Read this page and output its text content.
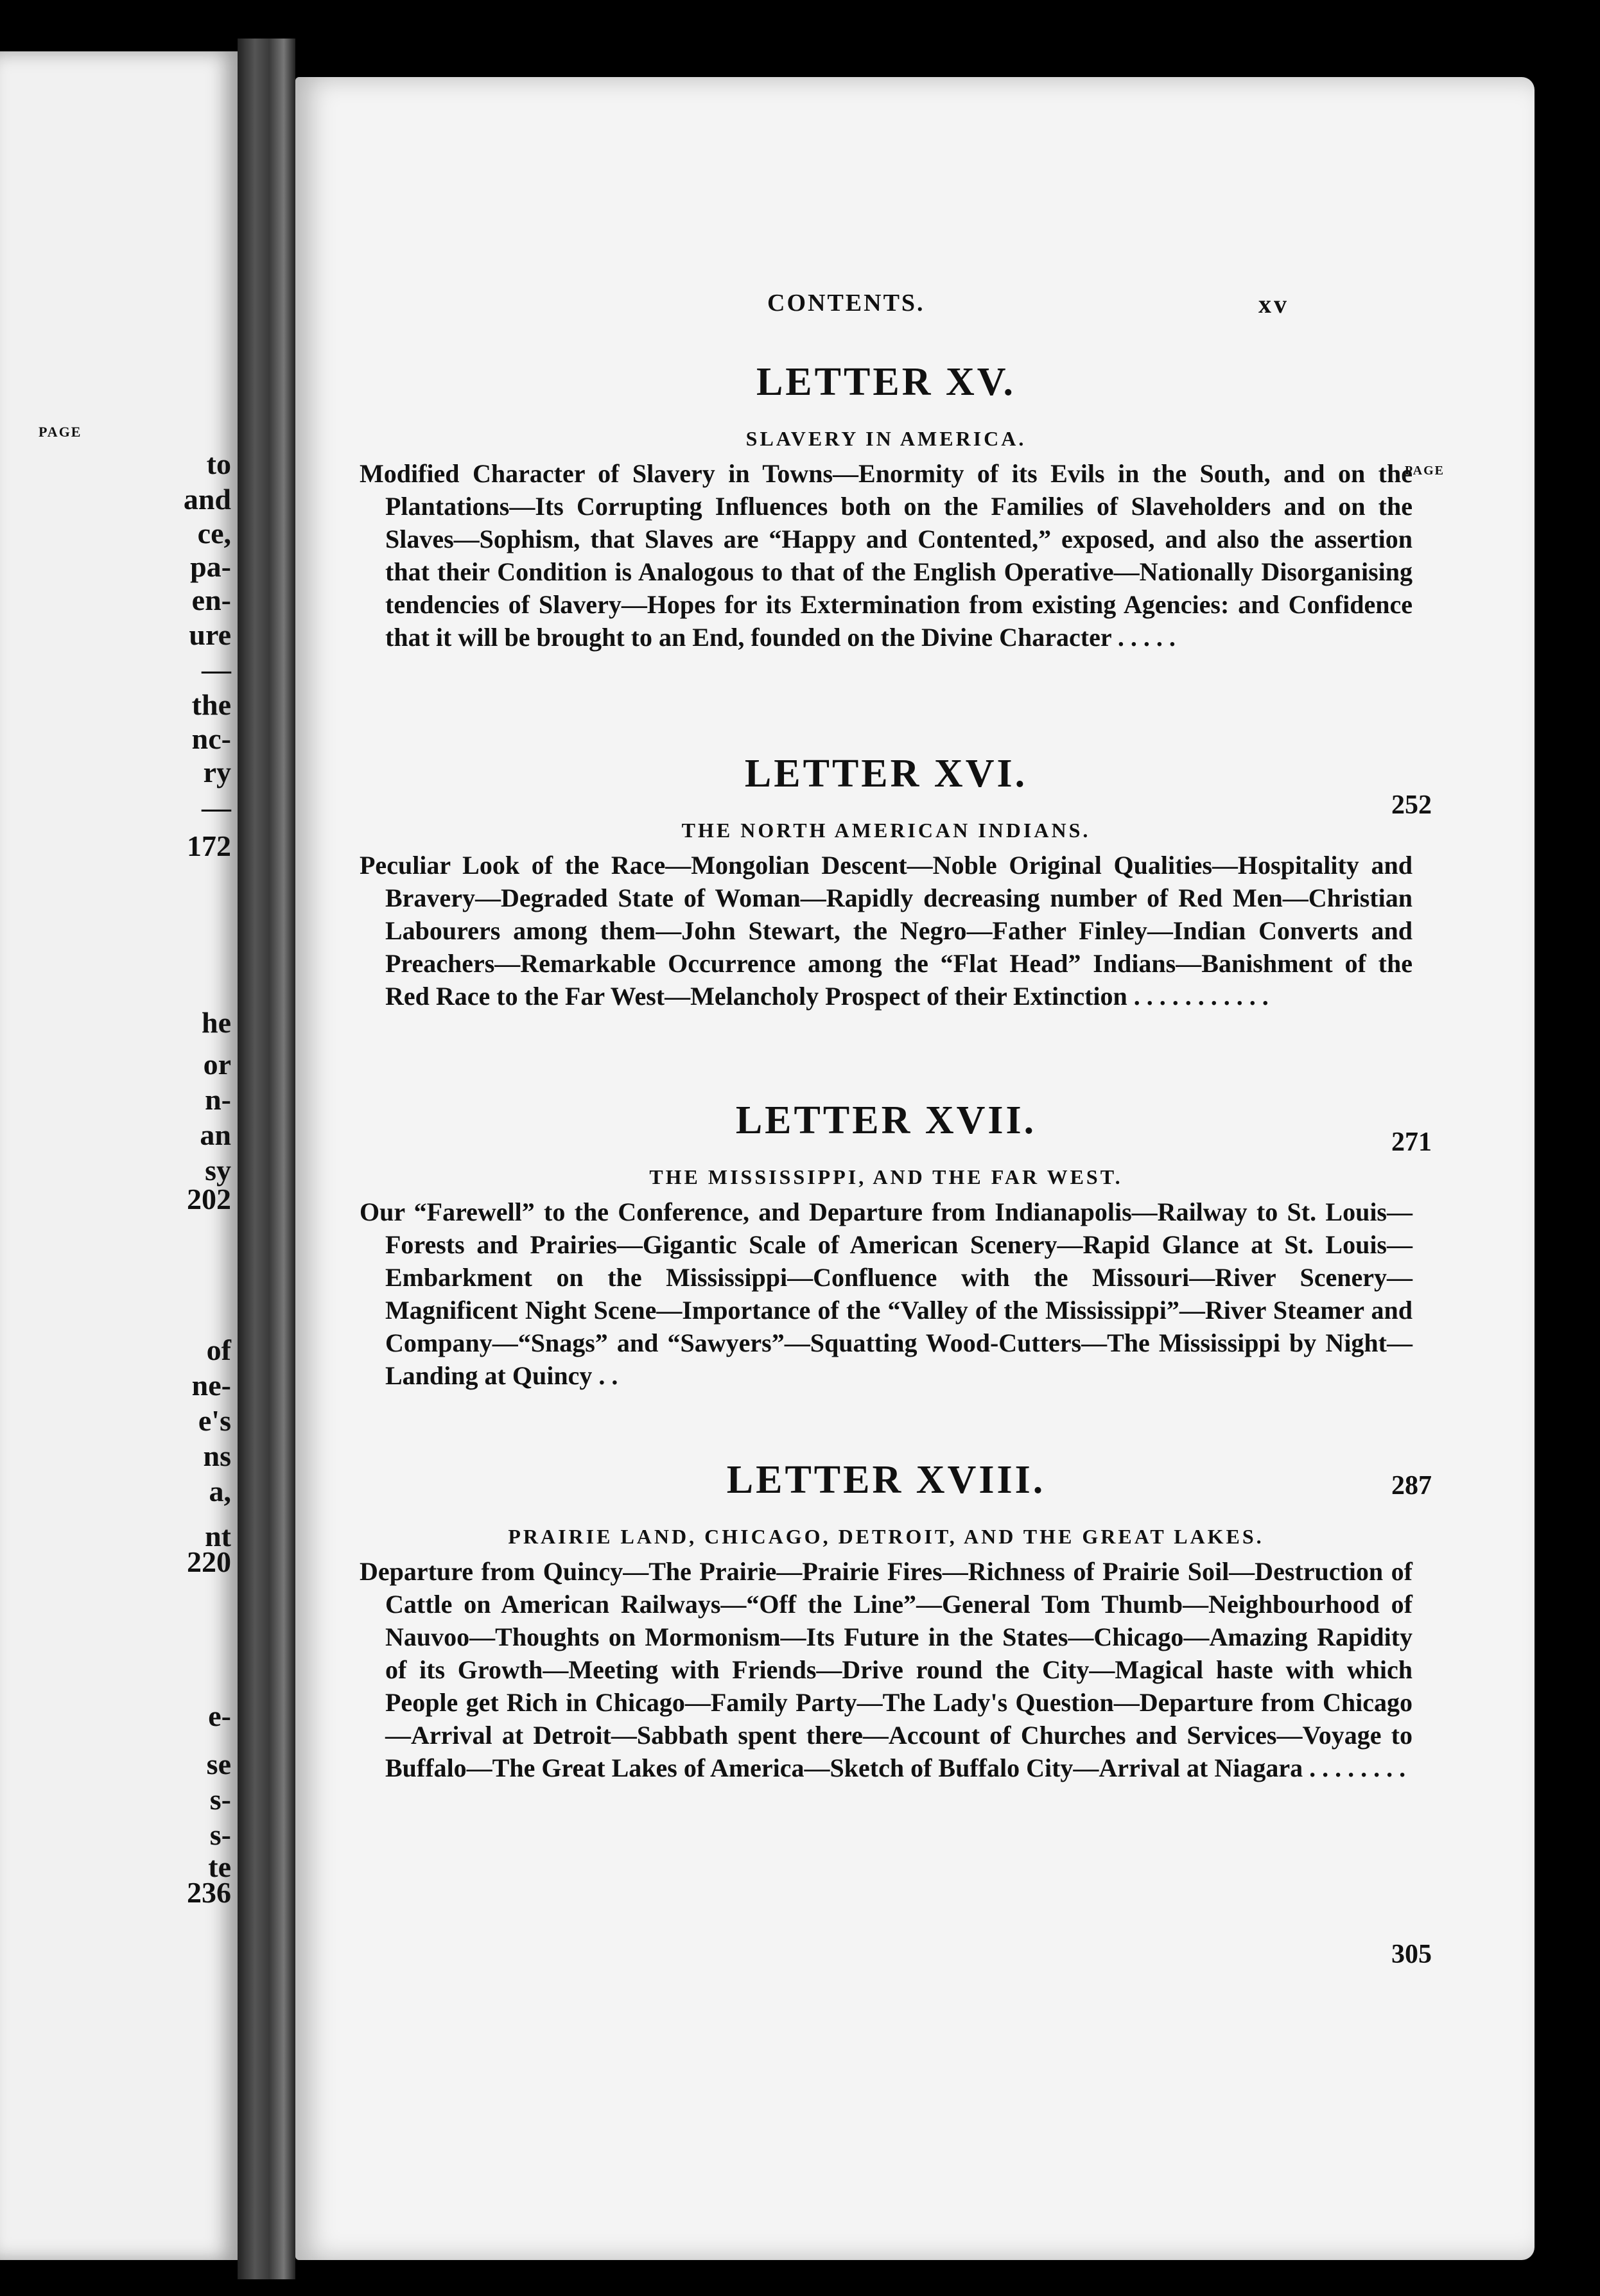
PAGE
to
and
ce,
pa-
en-
ure
—
the
nc-
ry
—
172
he
or
n-
an
sy
202
of
ne-
e's
ns
a,
nt
220
e-
se
s-
s-
te
236
CONTENTS.	xv
LETTER XV.
SLAVERY IN AMERICA.
PAGE

Modified Character of Slavery in Towns—Enormity of its Evils in the South, and on the Plantations—Its Corrupting Influences both on the Families of Slaveholders and on the Slaves—Sophism, that Slaves are “Happy and Contented,” exposed, and also the assertion that their Condition is Analogous to that of the English Operative—Nationally Disorganising tendencies of Slavery—Hopes for its Extermination from existing Agencies: and Confidence that it will be brought to an End, founded on the Divine Character . . . . .

252
LETTER XVI.
THE NORTH AMERICAN INDIANS.

Peculiar Look of the Race—Mongolian Descent—Noble Original Qualities—Hospitality and Bravery—Degraded State of Woman—Rapidly decreasing number of Red Men—Christian Labourers among them—John Stewart, the Negro—Father Finley—Indian Converts and Preachers—Remarkable Occurrence among the “Flat Head” Indians—Banishment of the Red Race to the Far West—Melancholy Prospect of their Extinction . . . . . . . . . . .

271
LETTER XVII.
THE MISSISSIPPI, AND THE FAR WEST.

Our “Farewell” to the Conference, and Departure from Indianapolis—Railway to St. Louis—Forests and Prairies—Gigantic Scale of American Scenery—Rapid Glance at St. Louis—Embarkment on the Mississippi—Confluence with the Missouri—River Scenery—Magnificent Night Scene—Importance of the “Valley of the Mississippi”—River Steamer and Company—“Snags” and “Sawyers”—Squatting Wood-Cutters—The Mississippi by Night—Landing at Quincy . .

287
LETTER XVIII.
PRAIRIE LAND, CHICAGO, DETROIT, AND THE GREAT LAKES.

Departure from Quincy—The Prairie—Prairie Fires—Richness of Prairie Soil—Destruction of Cattle on American Railways—“Off the Line”—General Tom Thumb—Neighbourhood of Nauvoo—Thoughts on Mormonism—Its Future in the States—Chicago—Amazing Rapidity of its Growth—Meeting with Friends—Drive round the City—Magical haste with which People get Rich in Chicago—Family Party—The Lady's Question—Departure from Chicago—Arrival at Detroit—Sabbath spent there—Account of Churches and Services—Voyage to Buffalo—The Great Lakes of America—Sketch of Buffalo City—Arrival at Niagara . . . . . . . .

305
